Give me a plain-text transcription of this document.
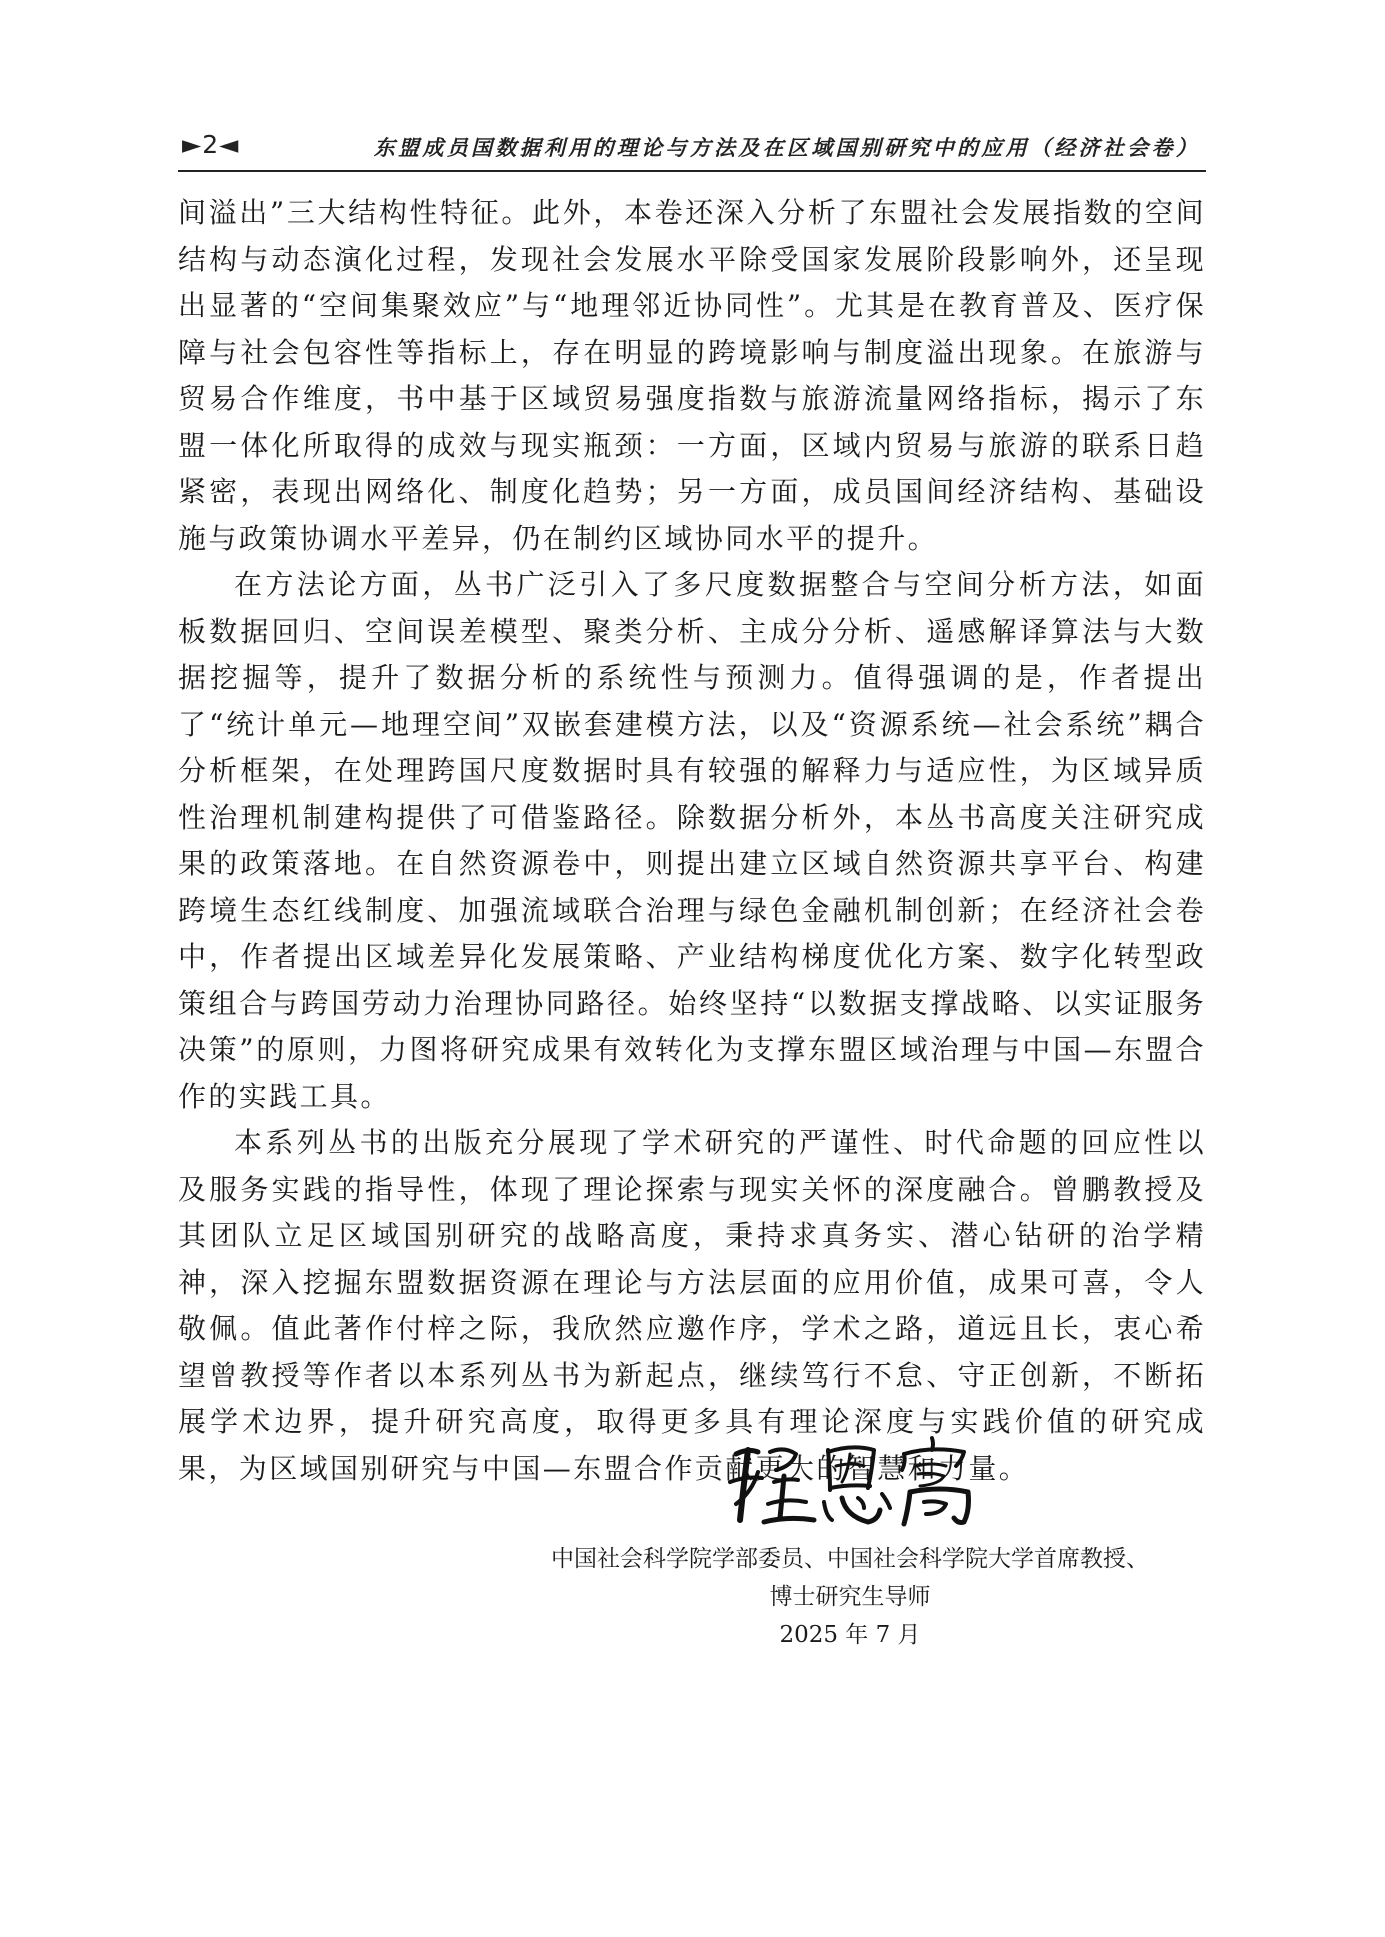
►2◄	东盟成员国数据利用的理论与方法及在区域国别研究中的应用（经济社会卷）

间溢出”三大结构性特征。此外，本卷还深入分析了东盟社会发展指数的空间结构与动态演化过程，发现社会发展水平除受国家发展阶段影响外，还呈现出显著的“空间集聚效应”与“地理邻近协同性”。尤其是在教育普及、医疗保障与社会包容性等指标上，存在明显的跨境影响与制度溢出现象。在旅游与贸易合作维度，书中基于区域贸易强度指数与旅游流量网络指标，揭示了东盟一体化所取得的成效与现实瓶颈：一方面，区域内贸易与旅游的联系日趋紧密，表现出网络化、制度化趋势；另一方面，成员国间经济结构、基础设施与政策协调水平差异，仍在制约区域协同水平的提升。

在方法论方面，丛书广泛引入了多尺度数据整合与空间分析方法，如面板数据回归、空间误差模型、聚类分析、主成分分析、遥感解译算法与大数据挖掘等，提升了数据分析的系统性与预测力。值得强调的是，作者提出了“统计单元—地理空间”双嵌套建模方法，以及“资源系统—社会系统”耦合分析框架，在处理跨国尺度数据时具有较强的解释力与适应性，为区域异质性治理机制建构提供了可借鉴路径。除数据分析外，本丛书高度关注研究成果的政策落地。在自然资源卷中，则提出建立区域自然资源共享平台、构建跨境生态红线制度、加强流域联合治理与绿色金融机制创新；在经济社会卷中，作者提出区域差异化发展策略、产业结构梯度优化方案、数字化转型政策组合与跨国劳动力治理协同路径。始终坚持“以数据支撑战略、以实证服务决策”的原则，力图将研究成果有效转化为支撑东盟区域治理与中国—东盟合作的实践工具。

本系列丛书的出版充分展现了学术研究的严谨性、时代命题的回应性以及服务实践的指导性，体现了理论探索与现实关怀的深度融合。曾鹏教授及其团队立足区域国别研究的战略高度，秉持求真务实、潜心钻研的治学精神，深入挖掘东盟数据资源在理论与方法层面的应用价值，成果可喜，令人敬佩。值此著作付梓之际，我欣然应邀作序，学术之路，道远且长，衷心希望曾教授等作者以本系列丛书为新起点，继续笃行不怠、守正创新，不断拓展学术边界，提升研究高度，取得更多具有理论深度与实践价值的研究成果，为区域国别研究与中国—东盟合作贡献更大的智慧和力量。

中国社会科学院学部委员、中国社会科学院大学首席教授、
博士研究生导师
2025 年 7 月
